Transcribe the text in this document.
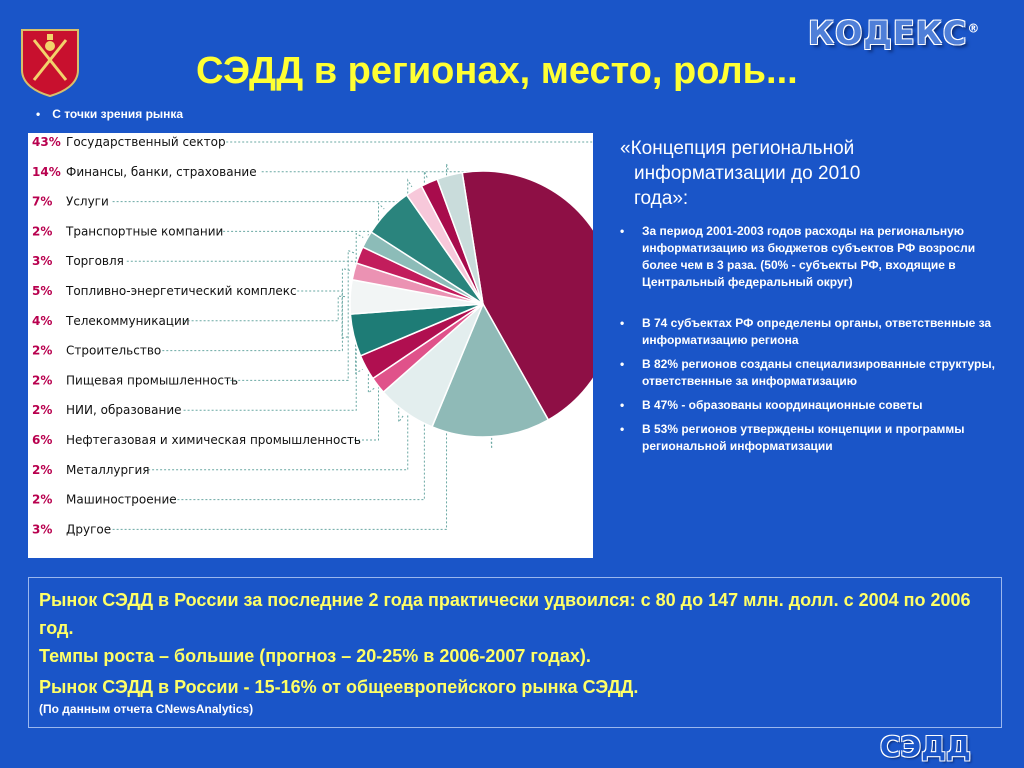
КОДЕКС®
СЭДД в регионах, место, роль...
• С точки зрения рынка
43% Государственный сектор
14% Финансы, банки, страхование
7% Услуги
2% Транспортные компании
3% Торговля
5% Топливно-энергетический комплекс
4% Телекоммуникации
2% Строительство
2% Пищевая промышленность
2% НИИ, образование
6% Нефтегазовая и химическая промышленность
2% Металлургия
2% Машиностроение
3% Другое
«Концепция региональной
информатизации до 2010
года»:
• За период 2001-2003 годов расходы на региональную информатизацию из бюджетов субъектов РФ возросли более чем в 3 раза. (50% - субъекты РФ, входящие в Центральный федеральный округ)
• В 74 субъектах РФ определены органы, ответственные за информатизацию региона
• В 82% регионов созданы специализированные структуры, ответственные за информатизацию
• В 47% - образованы координационные советы
• В 53% регионов утверждены концепции и программы региональной информатизации
Рынок СЭДД в России за последние 2 года практически удвоился: с 80 до 147 млн. долл. с 2004 по 2006 год.
Темпы роста – большие (прогноз – 20-25% в 2006-2007 годах).
Рынок СЭДД в России - 15-16% от общеевропейского рынка СЭДД.
(По данным отчета CNewsAnalytics)
СЭДД
